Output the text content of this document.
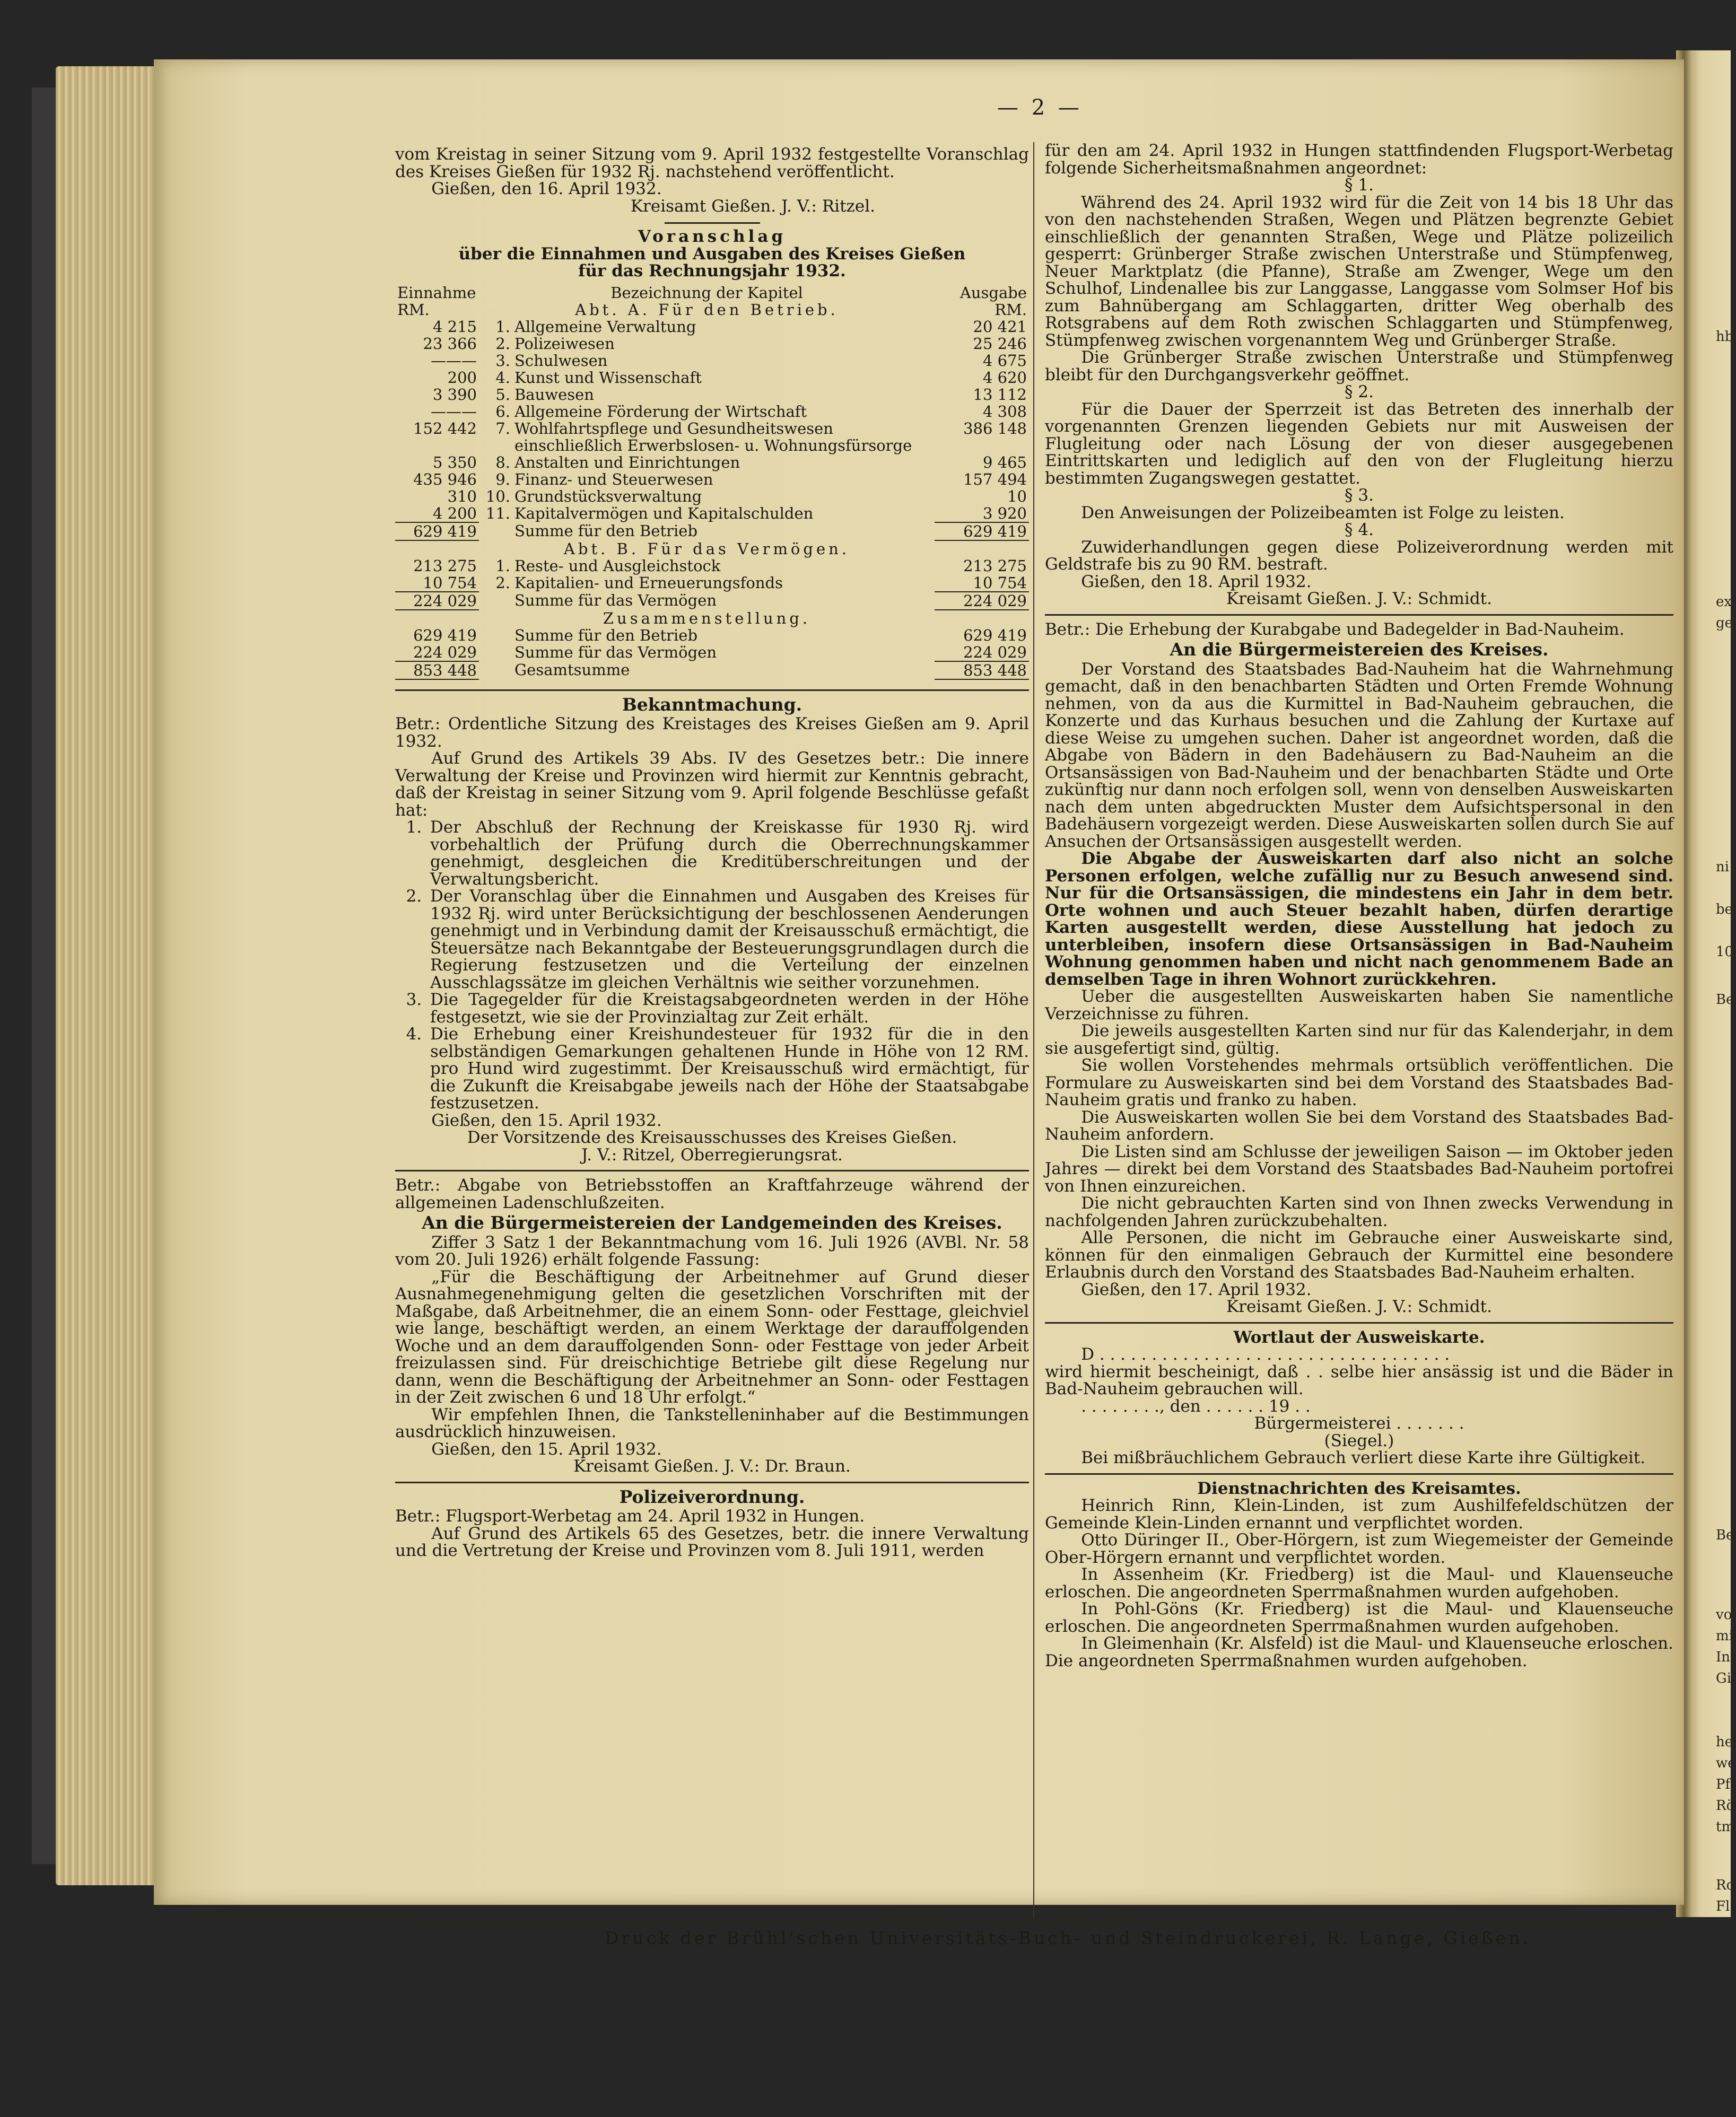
— 2 —

vom Kreistag in seiner Sitzung vom 9. April 1932 festgestellte Voranschlag des Kreises Gießen für 1932 Rj. nachstehend veröffentlicht.

Gießen, den 16. April 1932.

Kreisamt Gießen. J. V.: Ritzel.

Voranschlag

über die Einnahmen und Ausgaben des Kreises Gießen

für das Rechnungsjahr 1932.

Einnahme	Bezeichnung der Kapitel		Ausgabe
RM.	Abt. A. Für den Betrieb.		RM.
4 215	1.	Allgemeine Verwaltung	20 421
23 366	2.	Polizeiwesen	25 246
———	3.	Schulwesen	4 675
200	4.	Kunst und Wissenschaft	4 620
3 390	5.	Bauwesen	13 112
———	6.	Allgemeine Förderung der Wirtschaft	4 308
152 442	7.	Wohlfahrtspflege und Gesundheitswesen einschließlich Erwerbslosen- u. Wohnungsfürsorge	386 148
5 350	8.	Anstalten und Einrichtungen	9 465
435 946	9.	Finanz- und Steuerwesen	157 494
310	10.	Grundstücksverwaltung	10
4 200	11.	Kapitalvermögen und Kapitalschulden	3 920
629 419		Summe für den Betrieb	629 419
	Abt. B. Für das Vermögen.		
213 275	1.	Reste- und Ausgleichstock	213 275
10 754	2.	Kapitalien- und Erneuerungsfonds	10 754
224 029		Summe für das Vermögen	224 029
	Zusammenstellung.		
629 419		Summe für den Betrieb	629 419
224 029		Summe für das Vermögen	224 029
853 448		Gesamtsumme	853 448

Bekanntmachung.

Betr.: Ordentliche Sitzung des Kreistages des Kreises Gießen am 9. April 1932.

Auf Grund des Artikels 39 Abs. IV des Gesetzes betr.: Die innere Verwaltung der Kreise und Provinzen wird hiermit zur Kenntnis gebracht, daß der Kreistag in seiner Sitzung vom 9. April folgende Beschlüsse gefaßt hat:

1. Der Abschluß der Rechnung der Kreiskasse für 1930 Rj. wird vorbehaltlich der Prüfung durch die Oberrechnungskammer genehmigt, desgleichen die Kreditüberschreitungen und der Verwaltungsbericht.
2. Der Voranschlag über die Einnahmen und Ausgaben des Kreises für 1932 Rj. wird unter Berücksichtigung der beschlossenen Aenderungen genehmigt und in Verbindung damit der Kreisausschuß ermächtigt, die Steuersätze nach Bekanntgabe der Besteuerungsgrundlagen durch die Regierung festzusetzen und die Verteilung der einzelnen Ausschlagssätze im gleichen Verhältnis wie seither vorzunehmen.
3. Die Tagegelder für die Kreistagsabgeordneten werden in der Höhe festgesetzt, wie sie der Provinzialtag zur Zeit erhält.
4. Die Erhebung einer Kreishundesteuer für 1932 für die in den selbständigen Gemarkungen gehaltenen Hunde in Höhe von 12 RM. pro Hund wird zugestimmt. Der Kreisausschuß wird ermächtigt, für die Zukunft die Kreisabgabe jeweils nach der Höhe der Staatsabgabe festzusetzen.

Gießen, den 15. April 1932.

Der Vorsitzende des Kreisausschusses des Kreises Gießen.

J. V.: Ritzel, Oberregierungsrat.

Betr.: Abgabe von Betriebsstoffen an Kraftfahrzeuge während der allgemeinen Ladenschlußzeiten.

An die Bürgermeistereien der Landgemeinden des Kreises.

Ziffer 3 Satz 1 der Bekanntmachung vom 16. Juli 1926 (AVBl. Nr. 58 vom 20. Juli 1926) erhält folgende Fassung:

„Für die Beschäftigung der Arbeitnehmer auf Grund dieser Ausnahmegenehmigung gelten die gesetzlichen Vorschriften mit der Maßgabe, daß Arbeitnehmer, die an einem Sonn- oder Festtage, gleichviel wie lange, beschäftigt werden, an einem Werktage der darauffolgenden Woche und an dem darauffolgenden Sonn- oder Festtage von jeder Arbeit freizulassen sind. Für dreischichtige Betriebe gilt diese Regelung nur dann, wenn die Beschäftigung der Arbeitnehmer an Sonn- oder Festtagen in der Zeit zwischen 6 und 18 Uhr erfolgt.“

Wir empfehlen Ihnen, die Tankstelleninhaber auf die Bestimmungen ausdrücklich hinzuweisen.

Gießen, den 15. April 1932.

Kreisamt Gießen. J. V.: Dr. Braun.

Polizeiverordnung.

Betr.: Flugsport-Werbetag am 24. April 1932 in Hungen.

Auf Grund des Artikels 65 des Gesetzes, betr. die innere Verwaltung und die Vertretung der Kreise und Provinzen vom 8. Juli 1911, werden

für den am 24. April 1932 in Hungen stattfindenden Flugsport-Werbetag folgende Sicherheitsmaßnahmen angeordnet:

§ 1.

Während des 24. April 1932 wird für die Zeit von 14 bis 18 Uhr das von den nachstehenden Straßen, Wegen und Plätzen begrenzte Gebiet einschließlich der genannten Straßen, Wege und Plätze polizeilich gesperrt: Grünberger Straße zwischen Unterstraße und Stümpfenweg, Neuer Marktplatz (die Pfanne), Straße am Zwenger, Wege um den Schulhof, Lindenallee bis zur Langgasse, Langgasse vom Solmser Hof bis zum Bahnübergang am Schlaggarten, dritter Weg oberhalb des Rotsgrabens auf dem Roth zwischen Schlaggarten und Stümpfenweg, Stümpfenweg zwischen vorgenanntem Weg und Grünberger Straße.

Die Grünberger Straße zwischen Unterstraße und Stümpfenweg bleibt für den Durchgangsverkehr geöffnet.

§ 2.

Für die Dauer der Sperrzeit ist das Betreten des innerhalb der vorgenannten Grenzen liegenden Gebiets nur mit Ausweisen der Flugleitung oder nach Lösung der von dieser ausgegebenen Eintrittskarten und lediglich auf den von der Flugleitung hierzu bestimmten Zugangswegen gestattet.

§ 3.

Den Anweisungen der Polizeibeamten ist Folge zu leisten.

§ 4.

Zuwiderhandlungen gegen diese Polizeiverordnung werden mit Geldstrafe bis zu 90 RM. bestraft.

Gießen, den 18. April 1932.

Kreisamt Gießen. J. V.: Schmidt.

Betr.: Die Erhebung der Kurabgabe und Badegelder in Bad-Nauheim.

An die Bürgermeistereien des Kreises.

Der Vorstand des Staatsbades Bad-Nauheim hat die Wahrnehmung gemacht, daß in den benachbarten Städten und Orten Fremde Wohnung nehmen, von da aus die Kurmittel in Bad-Nauheim gebrauchen, die Konzerte und das Kurhaus besuchen und die Zahlung der Kurtaxe auf diese Weise zu umgehen suchen. Daher ist angeordnet worden, daß die Abgabe von Bädern in den Badehäusern zu Bad-Nauheim an die Ortsansässigen von Bad-Nauheim und der benachbarten Städte und Orte zukünftig nur dann noch erfolgen soll, wenn von denselben Ausweiskarten nach dem unten abgedruckten Muster dem Aufsichtspersonal in den Badehäusern vorgezeigt werden. Diese Ausweiskarten sollen durch Sie auf Ansuchen der Ortsansässigen ausgestellt werden.

Die Abgabe der Ausweiskarten darf also nicht an solche Personen erfolgen, welche zufällig nur zu Besuch anwesend sind. Nur für die Ortsansässigen, die mindestens ein Jahr in dem betr. Orte wohnen und auch Steuer bezahlt haben, dürfen derartige Karten ausgestellt werden, diese Ausstellung hat jedoch zu unterbleiben, insofern diese Ortsansässigen in Bad-Nauheim Wohnung genommen haben und nicht nach genommenem Bade an demselben Tage in ihren Wohnort zurückkehren.

Ueber die ausgestellten Ausweiskarten haben Sie namentliche Verzeichnisse zu führen.

Die jeweils ausgestellten Karten sind nur für das Kalenderjahr, in dem sie ausgefertigt sind, gültig.

Sie wollen Vorstehendes mehrmals ortsüblich veröffentlichen. Die Formulare zu Ausweiskarten sind bei dem Vorstand des Staatsbades Bad-Nauheim gratis und franko zu haben.

Die Ausweiskarten wollen Sie bei dem Vorstand des Staatsbades Bad-Nauheim anfordern.

Die Listen sind am Schlusse der jeweiligen Saison — im Oktober jeden Jahres — direkt bei dem Vorstand des Staatsbades Bad-Nauheim portofrei von Ihnen einzureichen.

Die nicht gebrauchten Karten sind von Ihnen zwecks Verwendung in nachfolgenden Jahren zurückzubehalten.

Alle Personen, die nicht im Gebrauche einer Ausweiskarte sind, können für den einmaligen Gebrauch der Kurmittel eine besondere Erlaubnis durch den Vorstand des Staatsbades Bad-Nauheim erhalten.

Gießen, den 17. April 1932.

Kreisamt Gießen. J. V.: Schmidt.

Wortlaut der Ausweiskarte.

D . . . . . . . . . . . . . . . . . . . . . . . . . . . . . . . . . .

wird hiermit bescheinigt, daß . . selbe hier ansässig ist und die Bäder in Bad-Nauheim gebrauchen will.

. . . . . . . ., den . . . . . . 19 . .

Bürgermeisterei . . . . . . .

(Siegel.)

Bei mißbräuchlichem Gebrauch verliert diese Karte ihre Gültigkeit.

Dienstnachrichten des Kreisamtes.

Heinrich Rinn, Klein-Linden, ist zum Aushilfefeldschützen der Gemeinde Klein-Linden ernannt und verpflichtet worden.

Otto Düringer II., Ober-Hörgern, ist zum Wiegemeister der Gemeinde Ober-Hörgern ernannt und verpflichtet worden.

In Assenheim (Kr. Friedberg) ist die Maul- und Klauenseuche erloschen. Die angeordneten Sperrmaßnahmen wurden aufgehoben.

In Pohl-Göns (Kr. Friedberg) ist die Maul- und Klauenseuche erloschen. Die angeordneten Sperrmaßnahmen wurden aufgehoben.

In Gleimenhain (Kr. Alsfeld) ist die Maul- und Klauenseuche erloschen. Die angeordneten Sperrmaßnahmen wurden aufgehoben.

Druck der Brühl'schen Universitäts-Buch- und Steindruckerei, R. Lange, Gießen.
hb
ex
ge
ni
be
10
Be
Be
vo
mi
In
Gi
he
we
Pf
Rö
tm
Ro
Fl
